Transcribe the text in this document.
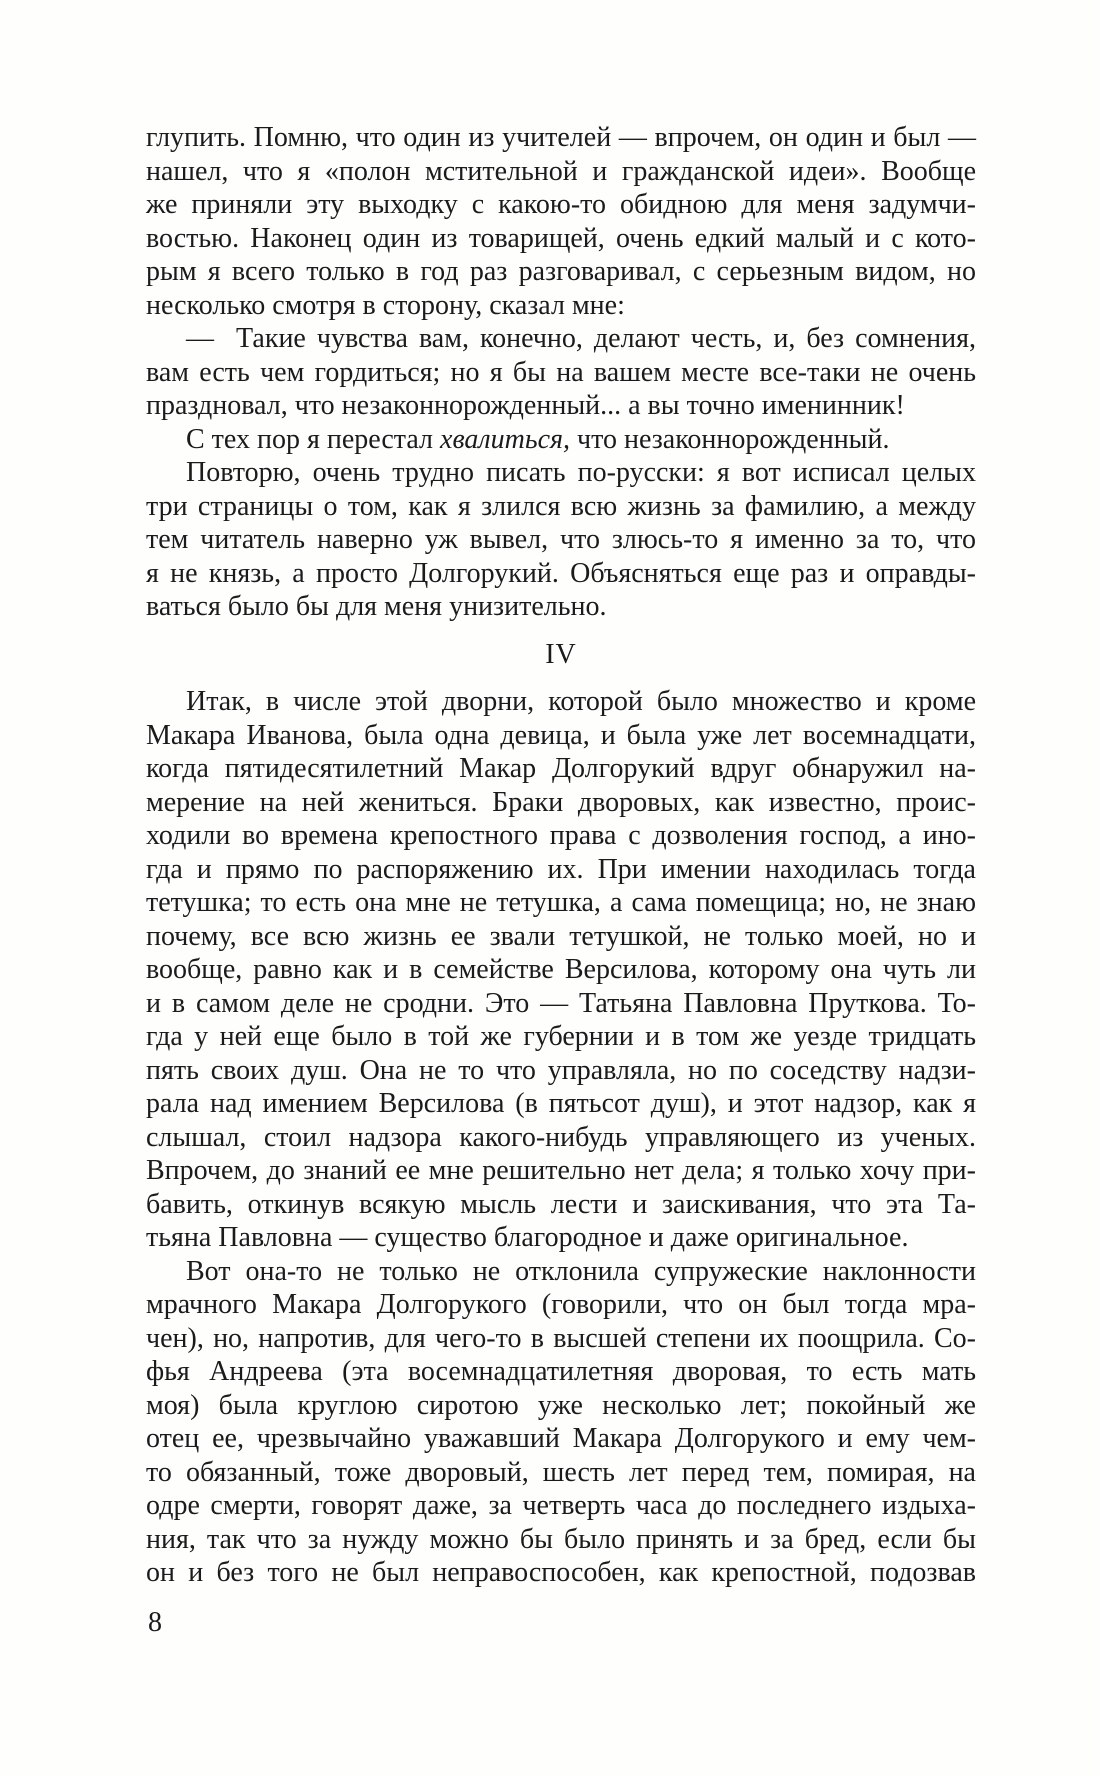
глупить. Помню, что один из учителей — впрочем, он один и был —
нашел, что я «полон мстительной и гражданской идеи». Вообще
же приняли эту выходку с какою-то обидною для меня задумчи-
востью. Наконец один из товарищей, очень едкий малый и с кото-
рым я всего только в год раз разговаривал, с серьезным видом, но
несколько смотря в сторону, сказал мне:
—  Такие чувства вам, конечно, делают честь, и, без сомнения,
вам есть чем гордиться; но я бы на вашем месте все-таки не очень
праздновал, что незаконнорожденный... а вы точно именинник!
С тех пор я перестал хвалиться, что незаконнорожденный.
Повторю, очень трудно писать по-русски: я вот исписал целых
три страницы о том, как я злился всю жизнь за фамилию, а между
тем читатель наверно уж вывел, что злюсь-то я именно за то, что
я не князь, а просто Долгорукий. Объясняться еще раз и оправды-
ваться было бы для меня унизительно.
IV
Итак, в числе этой дворни, которой было множество и кроме
Макара Иванова, была одна девица, и была уже лет восемнадцати,
когда пятидесятилетний Макар Долгорукий вдруг обнаружил на-
мерение на ней жениться. Браки дворовых, как известно, проис-
ходили во времена крепостного права с дозволения господ, а ино-
гда и прямо по распоряжению их. При имении находилась тогда
тетушка; то есть она мне не тетушка, а сама помещица; но, не знаю
почему, все всю жизнь ее звали тетушкой, не только моей, но и
вообще, равно как и в семействе Версилова, которому она чуть ли
и в самом деле не сродни. Это — Татьяна Павловна Пруткова. То-
гда у ней еще было в той же губернии и в том же уезде тридцать
пять своих душ. Она не то что управляла, но по соседству надзи-
рала над имением Версилова (в пятьсот душ), и этот надзор, как я
слышал, стоил надзора какого-нибудь управляющего из ученых.
Впрочем, до знаний ее мне решительно нет дела; я только хочу при-
бавить, откинув всякую мысль лести и заискивания, что эта Та-
тьяна Павловна — существо благородное и даже оригинальное.
Вот она-то не только не отклонила супружеские наклонности
мрачного Макара Долгорукого (говорили, что он был тогда мра-
чен), но, напротив, для чего-то в высшей степени их поощрила. Со-
фья Андреева (эта восемнадцатилетняя дворовая, то есть мать
моя) была круглою сиротою уже несколько лет; покойный же
отец ее, чрезвычайно уважавший Макара Долгорукого и ему чем-
то обязанный, тоже дворовый, шесть лет перед тем, помирая, на
одре смерти, говорят даже, за четверть часа до последнего издыха-
ния, так что за нужду можно бы было принять и за бред, если бы
он и без того не был неправоспособен, как крепостной, подозвав
8
